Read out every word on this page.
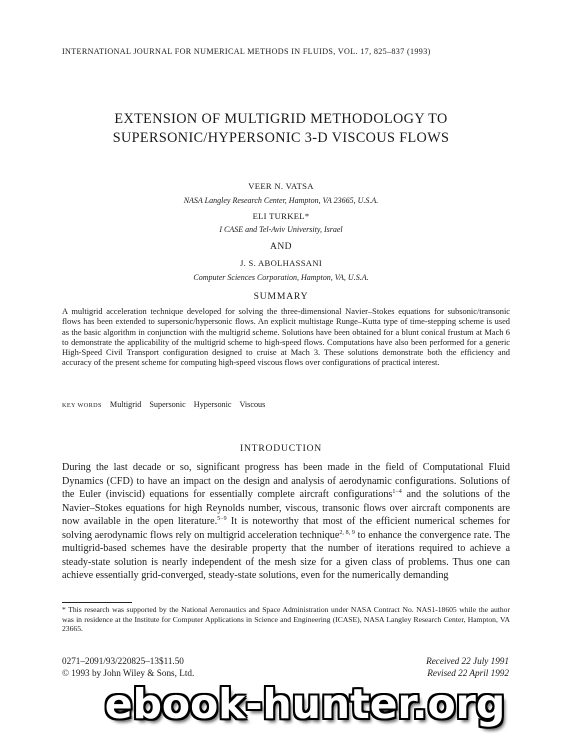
INTERNATIONAL JOURNAL FOR NUMERICAL METHODS IN FLUIDS, VOL. 17, 825–837 (1993)
EXTENSION OF MULTIGRID METHODOLOGY TO
SUPERSONIC/HYPERSONIC 3-D VISCOUS FLOWS
VEER N. VATSA
NASA Langley Research Center, Hampton, VA 23665, U.S.A.
ELI TURKEL*
I CASE and Tel-Aviv University, Israel
AND
J. S. ABOLHASSANI
Computer Sciences Corporation, Hampton, VA, U.S.A.
SUMMARY

A multigrid acceleration technique developed for solving the three-dimensional Navier–Stokes equations for subsonic/transonic flows has been extended to supersonic/hypersonic flows. An explicit multistage Runge–Kutta type of time-stepping scheme is used as the basic algorithm in conjunction with the multigrid scheme. Solutions have been obtained for a blunt conical frustum at Mach 6 to demonstrate the applicability of the multigrid scheme to high-speed flows. Computations have also been performed for a generic High-Speed Civil Transport configuration designed to cruise at Mach 3. These solutions demonstrate both the efficiency and accuracy of the present scheme for computing high-speed viscous flows over configurations of practical interest.

KEY WORDS Multigrid Supersonic Hypersonic Viscous
INTRODUCTION

During the last decade or so, significant progress has been made in the field of Computational Fluid Dynamics (CFD) to have an impact on the design and analysis of aerodynamic configurations. Solutions of the Euler (inviscid) equations for essentially complete aircraft configurations$^{1-4}$ and the solutions of the Navier–Stokes equations for high Reynolds number, viscous, transonic flows over aircraft components are now available in the open literature.$^{5-9}$ It is noteworthy that most of the efficient numerical schemes for solving aerodynamic flows rely on multigrid acceleration technique$^{2, 8, 9}$ to enhance the convergence rate. The multigrid-based schemes have the desirable property that the number of iterations required to achieve a steady-state solution is nearly independent of the mesh size for a given class of problems. Thus one can achieve essentially grid-converged, steady-state solutions, even for the numerically demanding

* This research was supported by the National Aeronautics and Space Administration under NASA Contract No. NAS1-18605 while the author was in residence at the Institute for Computer Applications in Science and Engineering (ICASE), NASA Langley Research Center, Hampton, VA 23665.

0271–2091/93/220825–13$11.50
© 1993 by John Wiley & Sons, Ltd.
Received 22 July 1991
Revised 22 April 1992
ebook-hunter.org
